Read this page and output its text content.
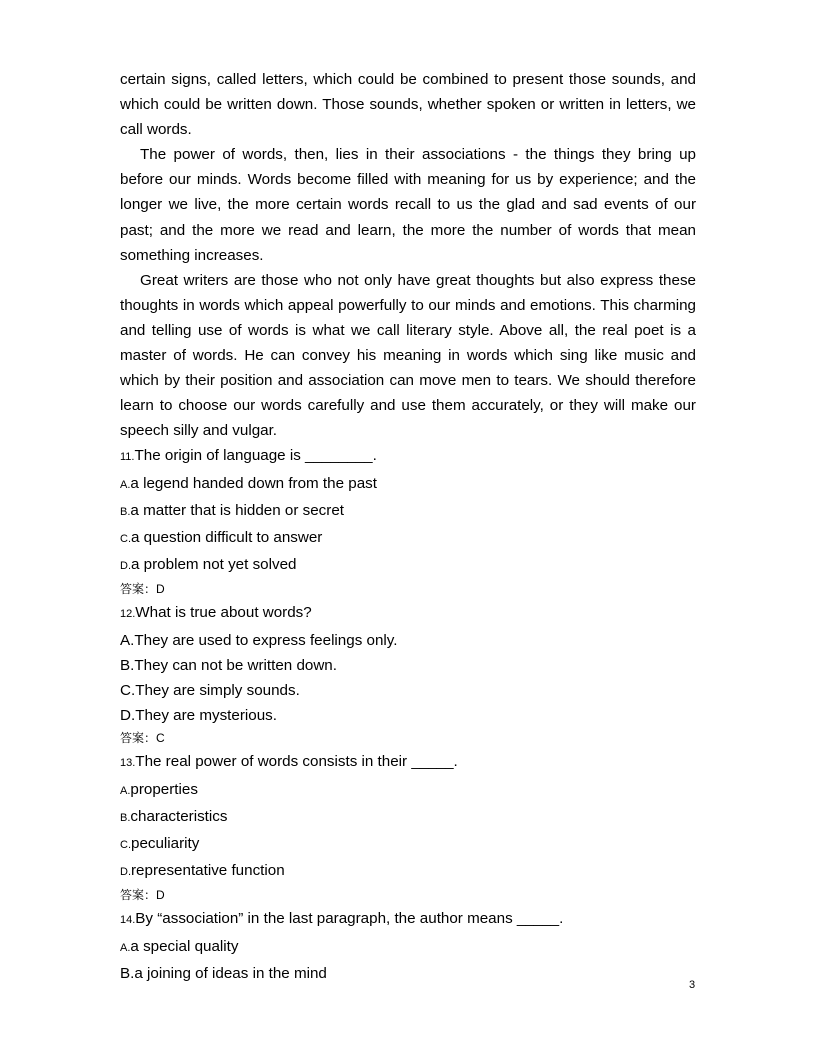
certain signs, called letters, which could be combined to present those sounds, and which could be written down. Those sounds, whether spoken or written in letters, we call words.

The power of words, then, lies in their associations - the things they bring up before our minds. Words become filled with meaning for us by experience; and the longer we live, the more certain words recall to us the glad and sad events of our past; and the more we read and learn, the more the number of words that mean something increases.

Great writers are those who not only have great thoughts but also express these thoughts in words which appeal powerfully to our minds and emotions. This charming and telling use of words is what we call literary style. Above all, the real poet is a master of words. He can convey his meaning in words which sing like music and which by their position and association can move men to tears. We should therefore learn to choose our words carefully and use them accurately, or they will make our speech silly and vulgar.

11.The origin of language is ________.
A.a legend handed down from the past
B.a matter that is hidden or secret
C.a question difficult to answer
D.a problem not yet solved
答案：D
12.What is true about words?
A.They are used to express feelings only.
B.They can not be written down.
C.They are simply sounds.
D.They are mysterious.
答案：C
13.The real power of words consists in their _____.
A.properties
B.characteristics
C.peculiarity
D.representative function
答案：D
14.By “association” in the last paragraph, the author means _____.
A.a special quality
B.a joining of ideas in the mind
3
